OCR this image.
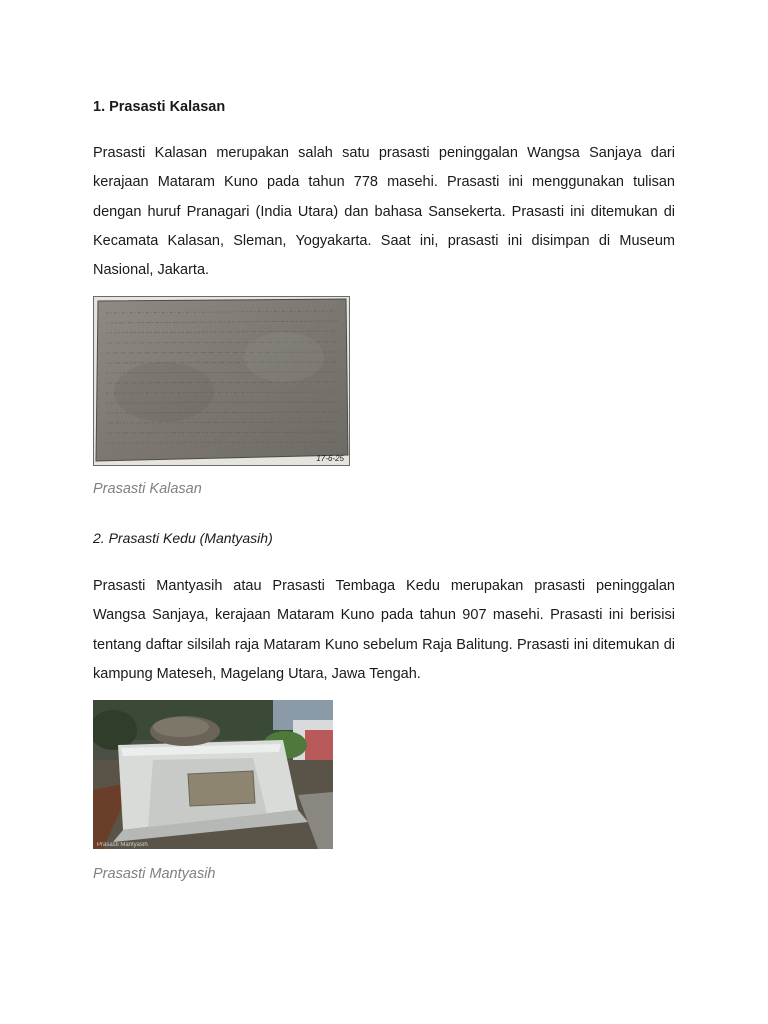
1. Prasasti Kalasan

Prasasti Kalasan merupakan salah satu prasasti peninggalan Wangsa Sanjaya dari kerajaan Mataram Kuno pada tahun 778 masehi. Prasasti ini menggunakan tulisan dengan huruf Pranagari (India Utara) dan bahasa Sansekerta. Prasasti ini ditemukan di Kecamata Kalasan, Sleman, Yogyakarta. Saat ini, prasasti ini disimpan di Museum Nasional, Jakarta.

17-6-25

Prasasti Kalasan

2. Prasasti Kedu (Mantyasih)

Prasasti Mantyasih atau Prasasti Tembaga Kedu merupakan prasasti peninggalan Wangsa Sanjaya, kerajaan Mataram Kuno pada tahun 907 masehi. Prasasti ini berisisi tentang daftar silsilah raja Mataram Kuno sebelum Raja Balitung. Prasasti ini ditemukan di kampung Mateseh, Magelang Utara, Jawa Tengah.

Prasasti Mantyasih

Prasasti Mantyasih
